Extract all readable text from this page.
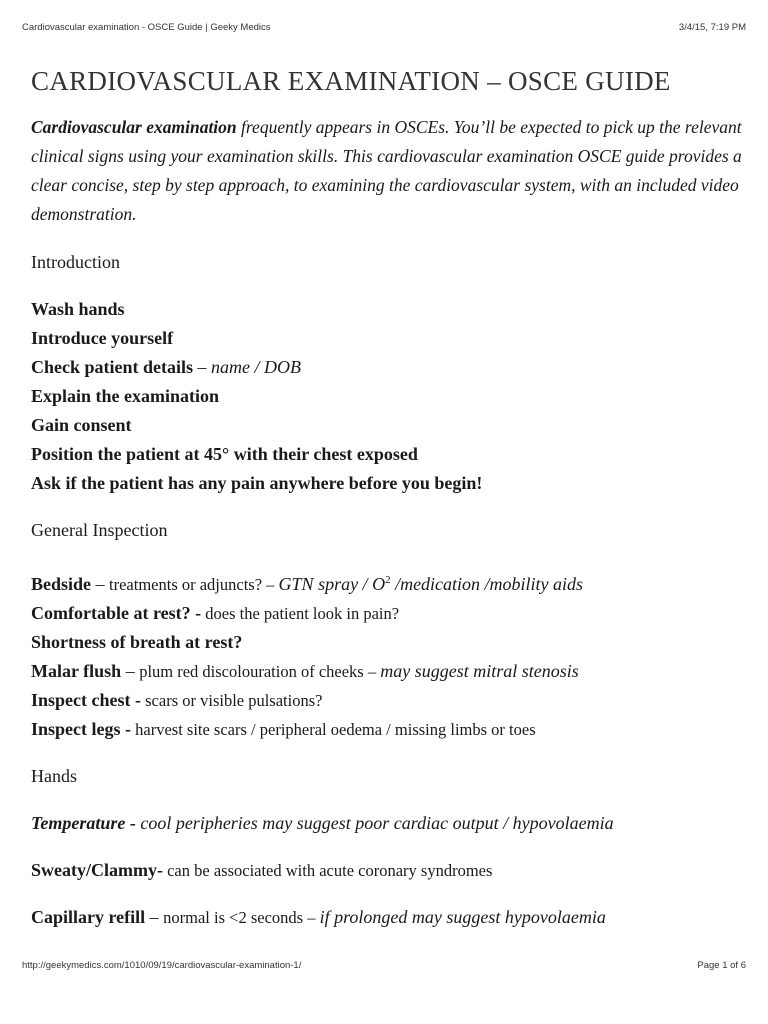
Cardiovascular examination - OSCE Guide | Geeky Medics	3/4/15, 7:19 PM
CARDIOVASCULAR EXAMINATION – OSCE GUIDE

Cardiovascular examination frequently appears in OSCEs. You’ll be expected to pick up the relevant clinical signs using your examination skills. This cardiovascular examination OSCE guide provides a clear concise, step by step approach, to examining the cardiovascular system, with an included video demonstration.

Introduction
Wash hands
Introduce yourself
Check patient details – name / DOB
Explain the examination
Gain consent
Position the patient at 45° with their chest exposed
Ask if the patient has any pain anywhere before you begin!
General Inspection
Bedside – treatments or adjuncts? – GTN spray / $O^2$ /medication /mobility aids
Comfortable at rest? - does the patient look in pain?
Shortness of breath at rest?
Malar flush – plum red discolouration of cheeks – may suggest mitral stenosis
Inspect chest - scars or visible pulsations?
Inspect legs - harvest site scars / peripheral oedema / missing limbs or toes
Hands
Temperature - cool peripheries may suggest poor cardiac output / hypovolaemia
Sweaty/Clammy- can be associated with acute coronary syndromes
Capillary refill – normal is <2 seconds – if prolonged may suggest hypovolaemia
http://geekymedics.com/1010/09/19/cardiovascular-examination-1/	Page 1 of 6
